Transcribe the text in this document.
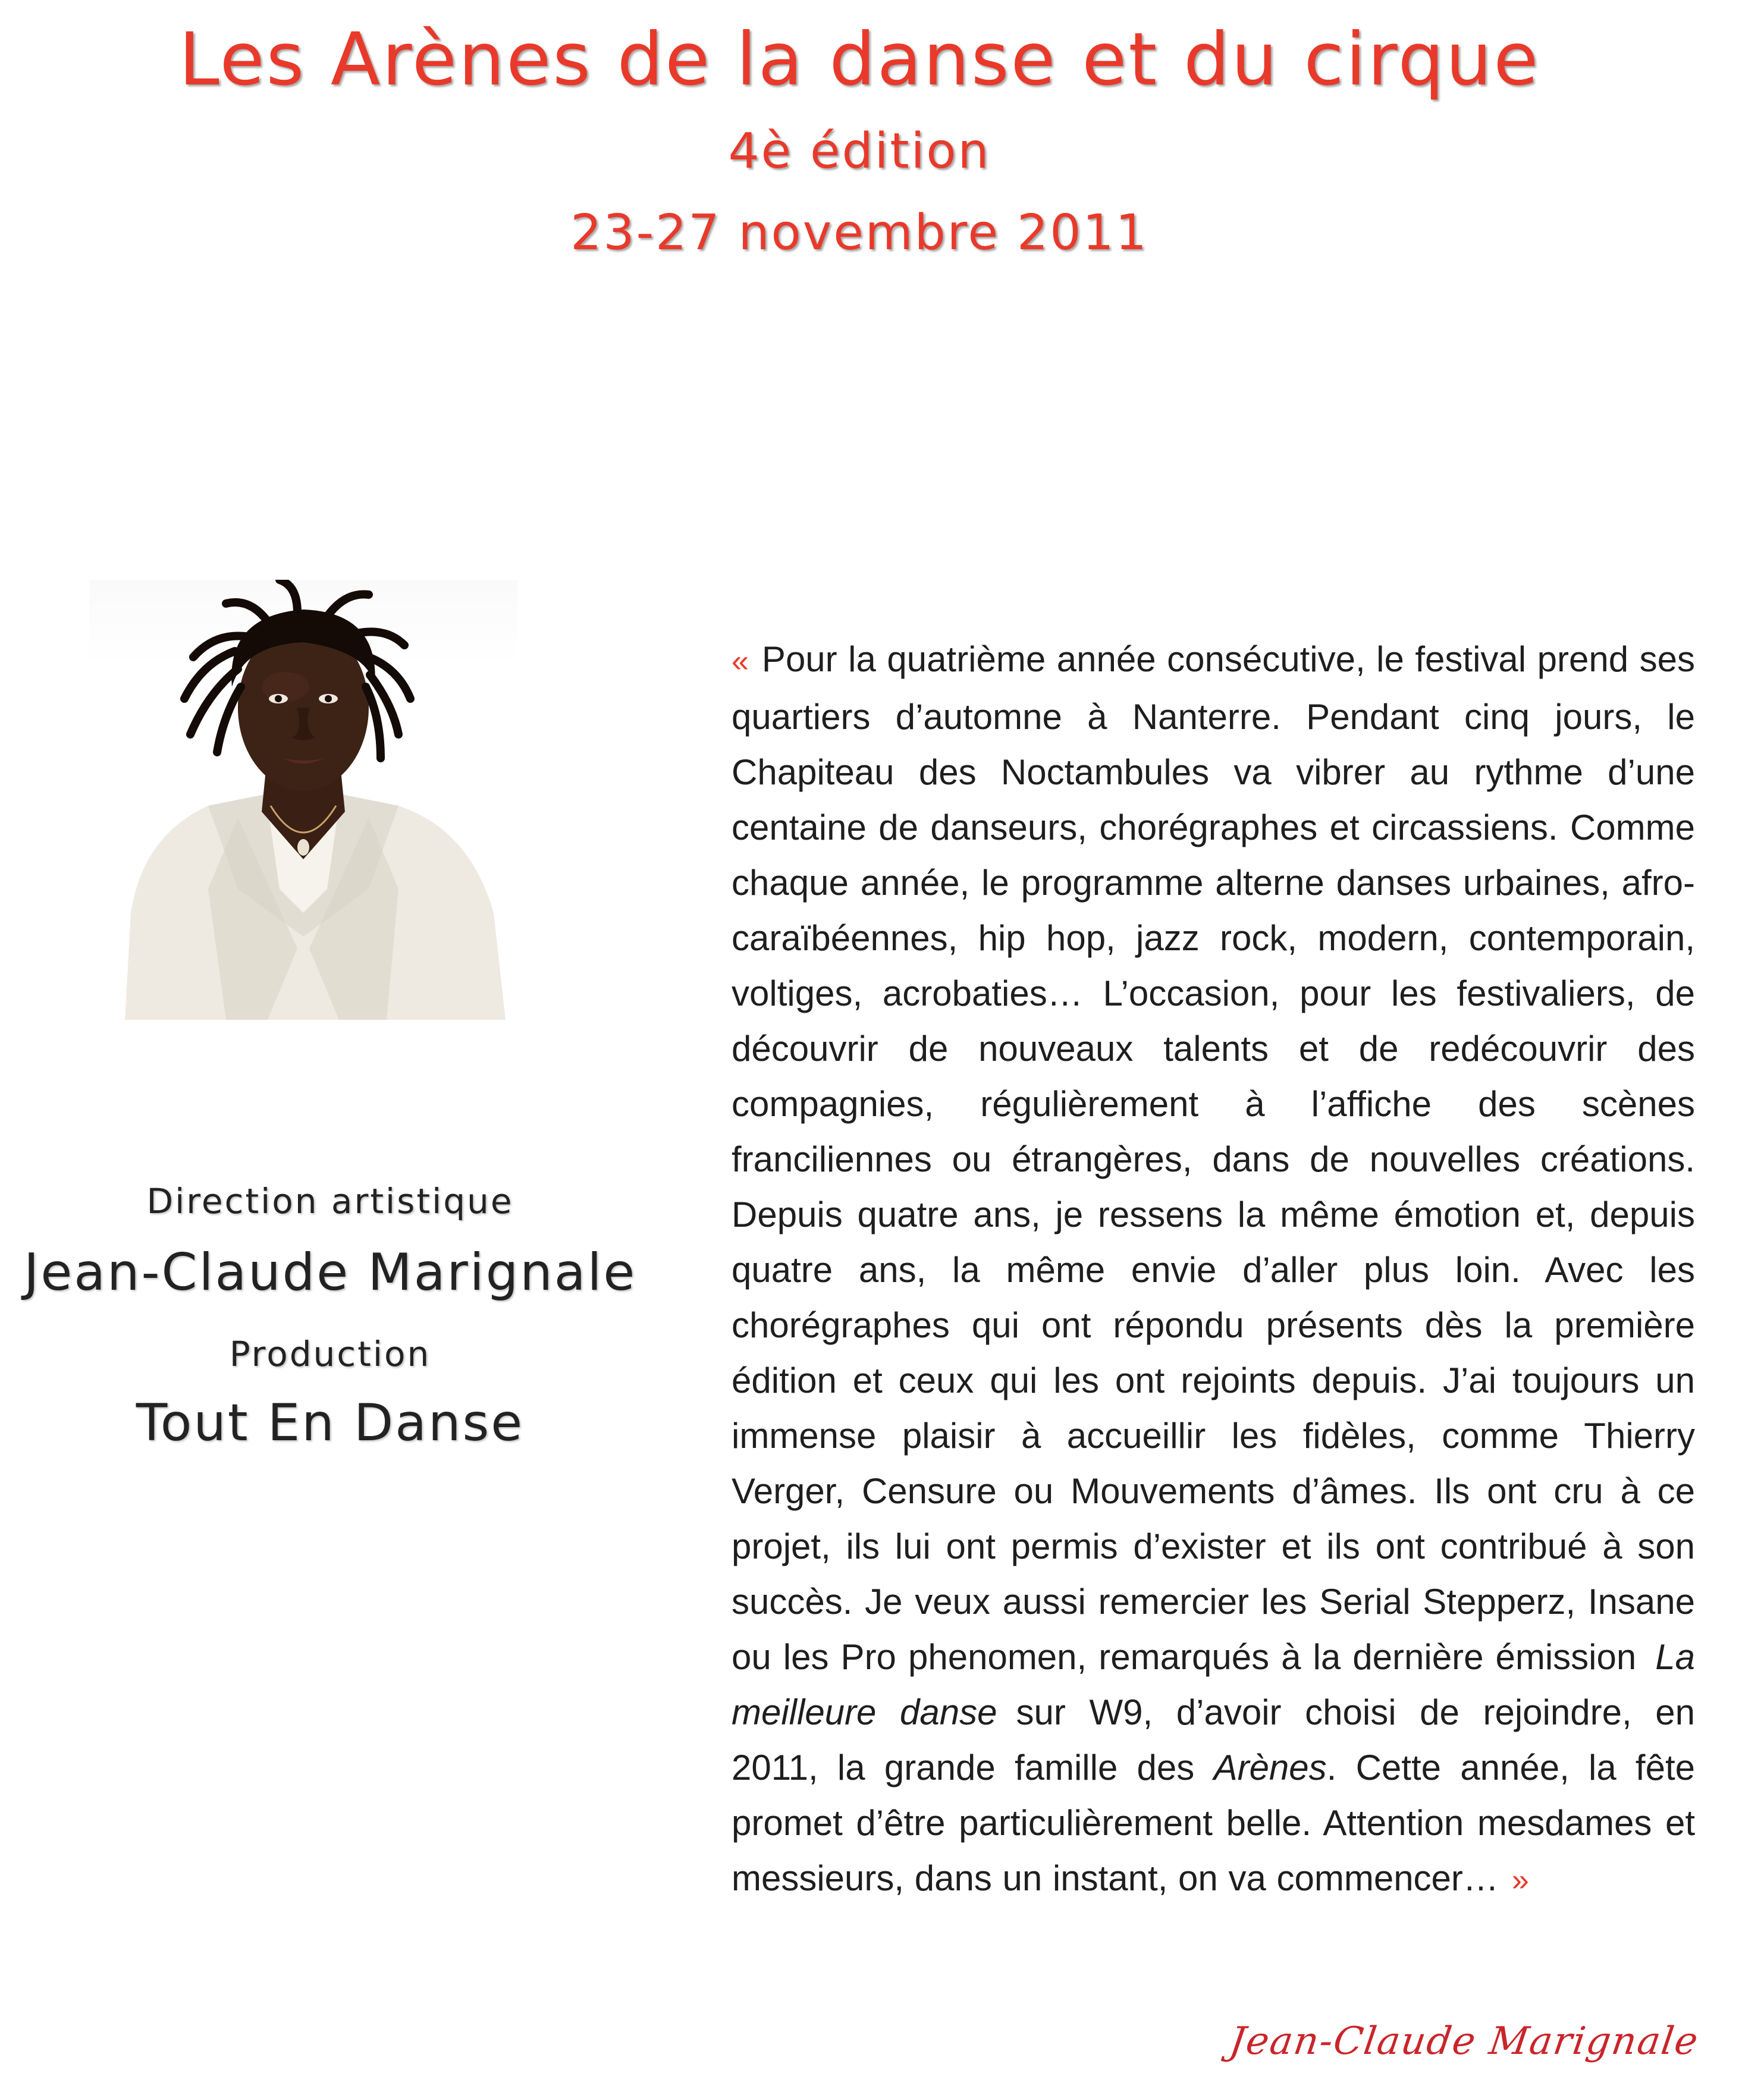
Les Arènes de la danse et du cirque
4è édition
23-27 novembre 2011
Direction artistique
Jean-Claude Marignale
Production
Tout En Danse

« Pour la quatrième année consécutive, le festival prend ses quartiers d’automne à Nanterre. Pendant cinq jours, le Chapiteau des Noctambules va vibrer au rythme d’une centaine de danseurs, chorégraphes et circassiens. Comme chaque année, le programme alterne danses urbaines, afro-caraïbéennes, hip hop, jazz rock, modern, contemporain, voltiges, acrobaties… L’occasion, pour les festivaliers, de découvrir de nouveaux talents et de redécouvrir des compagnies, régulièrement à l’affiche des scènes franciliennes ou étrangères, dans de nouvelles créations. Depuis quatre ans, je ressens la même émotion et, depuis quatre ans, la même envie d’aller plus loin. Avec les chorégraphes qui ont répondu présents dès la première édition et ceux qui les ont rejoints depuis. J’ai toujours un immense plaisir à accueillir les fidèles, comme Thierry Verger, Censure ou Mouvements d’âmes. Ils ont cru à ce projet, ils lui ont permis d’exister et ils ont contribué à son succès. Je veux aussi remercier les Serial Stepperz, Insane ou les Pro phenomen, remarqués à la dernière émission La meilleure danse sur W9, d’avoir choisi de rejoindre, en 2011, la grande famille des Arènes. Cette année, la fête promet d’être particulièrement belle. Attention mesdames et messieurs, dans un instant, on va commencer… »

Jean-Claude Marignale
